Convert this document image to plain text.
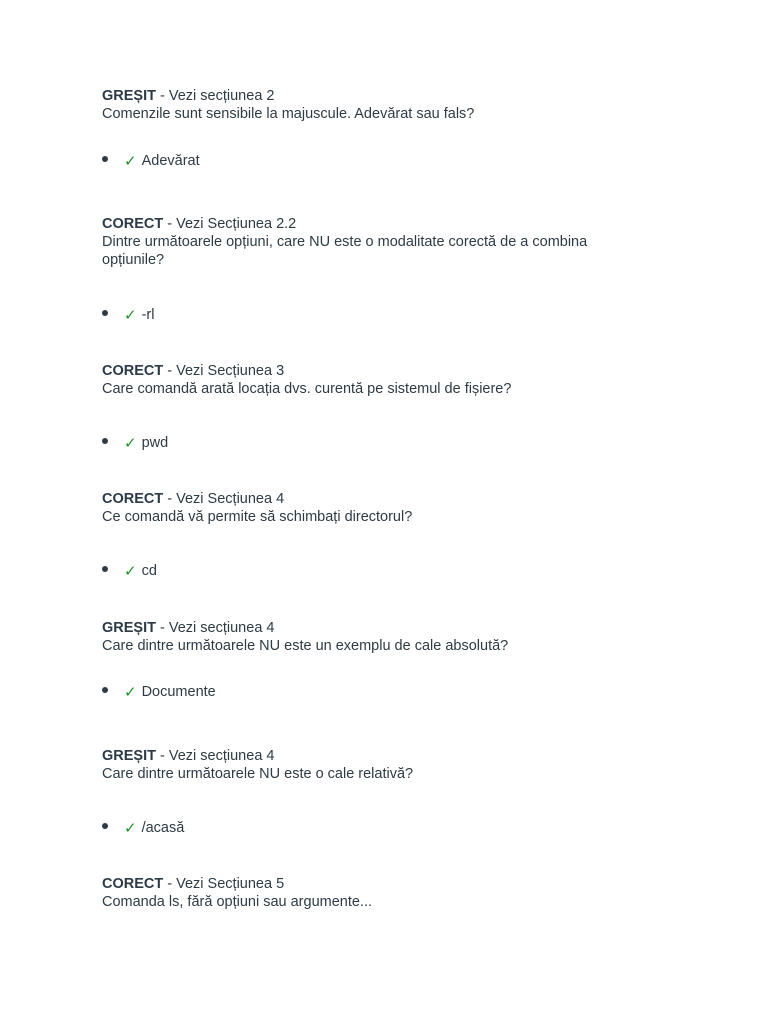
GREȘIT - Vezi secțiunea 2
Comenzile sunt sensibile la majuscule. Adevărat sau fals?
✓ Adevărat
CORECT - Vezi Secțiunea 2.2
Dintre următoarele opțiuni, care NU este o modalitate corectă de a combina opțiunile?
✓ -rl
CORECT - Vezi Secțiunea 3
Care comandă arată locația dvs. curentă pe sistemul de fișiere?
✓ pwd
CORECT - Vezi Secțiunea 4
Ce comandă vă permite să schimbați directorul?
✓ cd
GREȘIT - Vezi secțiunea 4
Care dintre următoarele NU este un exemplu de cale absolută?
✓ Documente
GREȘIT - Vezi secțiunea 4
Care dintre următoarele NU este o cale relativă?
✓ /acasă
CORECT - Vezi Secțiunea 5
Comanda ls, fără opțiuni sau argumente...
